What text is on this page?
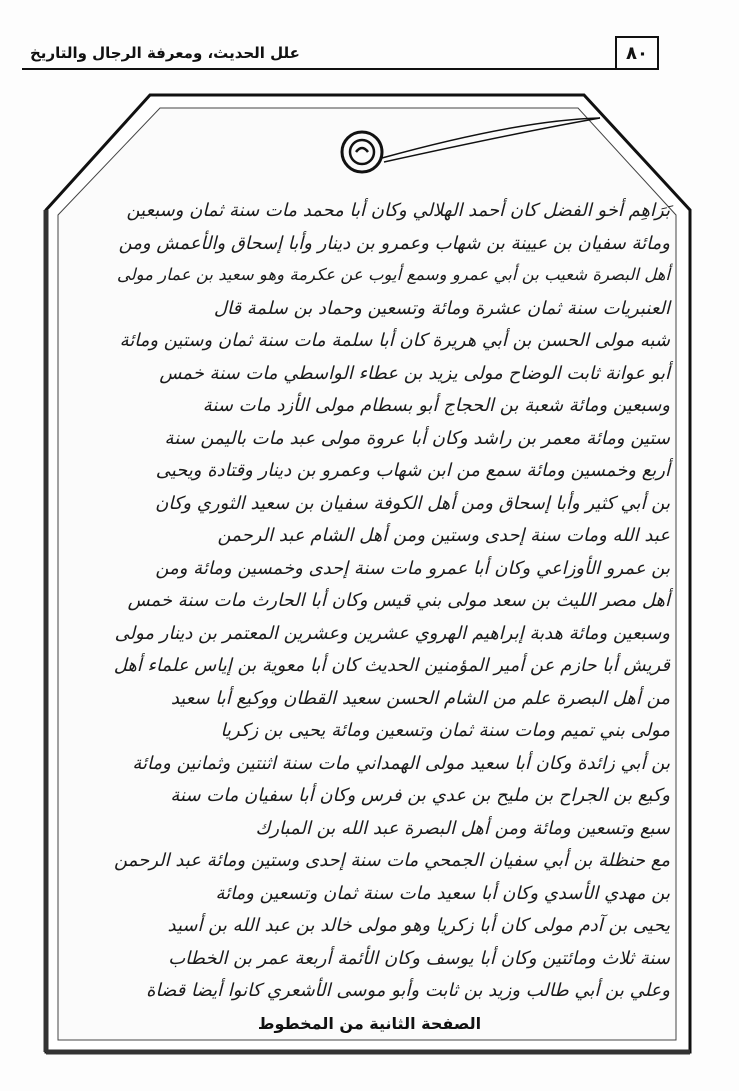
علل الحديث، ومعرفة الرجال والتاريخ	٨٠
بَرَاهِم أخو الفضل كان أحمد الهلالي وكان أبا محمد مات سنة ثمان وسبعين
ومائة سفيان بن عيينة بن شهاب وعمرو بن دينار وأبا إسحاق والأعمش ومن
أهل البصرة شعيب بن أبي عمرو وسمع أيوب عن عكرمة وهو سعيد بن عمار مولى
العنبريات سنة ثمان عشرة ومائة وتسعين وحماد بن سلمة قال
شبه مولى الحسن بن أبي هريرة كان أبا سلمة مات سنة ثمان وستين ومائة
أبو عوانة ثابت الوضاح مولى يزيد بن عطاء الواسطي مات سنة خمس
وسبعين ومائة شعبة بن الحجاج أبو بسطام مولى الأزد مات سنة
ستين ومائة معمر بن راشد وكان أبا عروة مولى عبد مات باليمن سنة
أربع وخمسين ومائة سمع من ابن شهاب وعمرو بن دينار وقتادة ويحيى
بن أبي كثير وأبا إسحاق ومن أهل الكوفة سفيان بن سعيد الثوري وكان
عبد الله ومات سنة إحدى وستين ومن أهل الشام عبد الرحمن
بن عمرو الأوزاعي وكان أبا عمرو مات سنة إحدى وخمسين ومائة ومن
أهل مصر الليث بن سعد مولى بني قيس وكان أبا الحارث مات سنة خمس
وسبعين ومائة هدبة إبراهيم الهروي عشرين وعشرين المعتمر بن دينار مولى
قريش أبا حازم عن أمير المؤمنين الحديث كان أبا معوية بن إياس علماء أهل
من أهل البصرة علم من الشام الحسن سعيد القطان ووكيع أبا سعيد
مولى بني تميم ومات سنة ثمان وتسعين ومائة يحيى بن زكريا
بن أبي زائدة وكان أبا سعيد مولى الهمداني مات سنة اثنتين وثمانين ومائة
وكيع بن الجراح بن مليح بن عدي بن فرس وكان أبا سفيان مات سنة
سبع وتسعين ومائة ومن أهل البصرة عبد الله بن المبارك
مع حنظلة بن أبي سفيان الجمحي مات سنة إحدى وستين ومائة عبد الرحمن
بن مهدي الأسدي وكان أبا سعيد مات سنة ثمان وتسعين ومائة
يحيى بن آدم مولى كان أبا زكريا وهو مولى خالد بن عبد الله بن أسيد
سنة ثلاث ومائتين وكان أبا يوسف وكان الأئمة أربعة عمر بن الخطاب
وعلي بن أبي طالب وزيد بن ثابت وأبو موسى الأشعري كانوا أيضا قضاة
الصفحة الثانية من المخطوط
